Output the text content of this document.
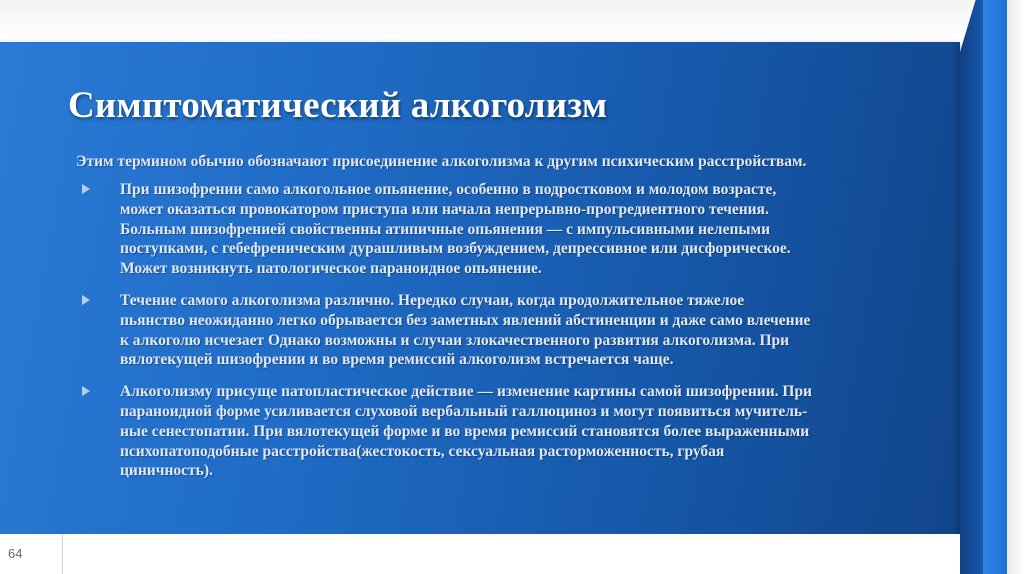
64
Симптоматический алкоголизм
Этим термином обычно обозначают присоединение алкоголизма к другим психическим расстройствам.
При шизофрении само алкогольное опьянение, особенно в подростковом и молодом возрасте,
может оказаться провокатором приступа или начала непрерывно-прогредиентного течения.
Больным шизофренией свойственны атипичные опьянения — с импульсивными нелепыми
поступками, с гебефреническим дурашливым возбуждением, депрессивное или дисфорическое.
Может возникнуть патологическое параноидное опьянение.
Течение самого алкоголизма различно. Нередко случаи, когда продолжительное тяжелое
пьянство неожиданно легко обрывается без заметных явлений абстиненции и даже само влечение
к алкоголю исчезает Однако возможны и случаи злокачественного развития алкоголизма. При
вялотекущей шизофрении и во время ремиссий алкоголизм встречается чаще.
Алкоголизму присуще патопластическое действие — изменение картины самой шизофрении. При
параноидной форме усиливается слуховой вербальный галлюциноз и могут появиться мучитель-
ные сенестопатии. При вялотекущей форме и во время ремиссий становятся более выраженными
психопатоподобные расстройства(жестокость, сексуальная расторможенность, грубая
циничность).
